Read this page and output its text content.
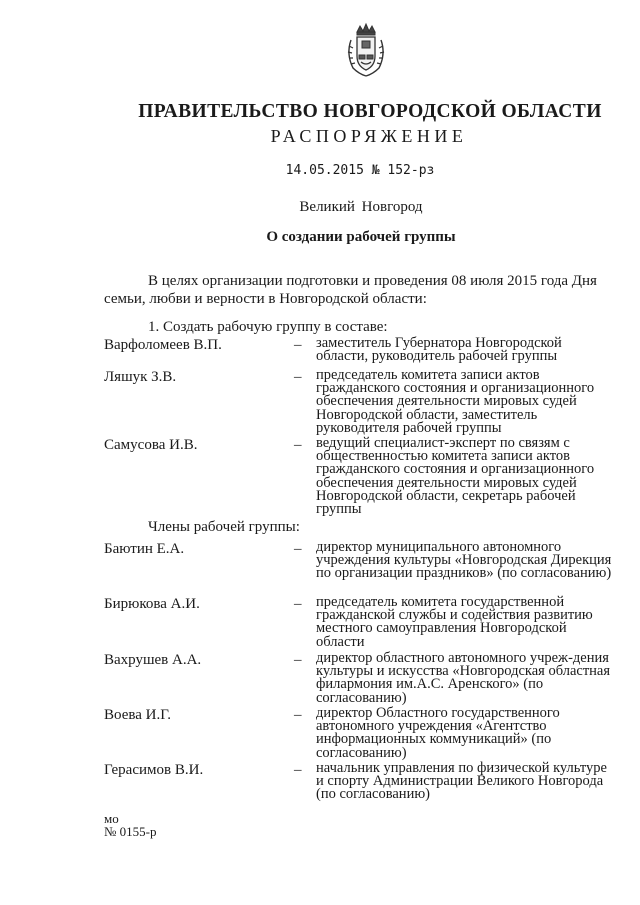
ПРАВИТЕЛЬСТВО НОВГОРОДСКОЙ ОБЛАСТИ
РАСПОРЯЖЕНИЕ
14.05.2015 № 152-рз
Великий Новгород
О создании рабочей группы
В целях организации подготовки и проведения 08 июля 2015 года Дня семьи, любви и верности в Новгородской области:
1. Создать рабочую группу в составе:
Варфоломеев В.П.	– заместитель Губернатора Новгородской области, руководитель рабочей группы
Ляшук З.В.	– председатель комитета записи актов гражданского состояния и организационного обеспечения деятельности мировых судей Новгородской области, заместитель руководителя рабочей группы
Самусова И.В.	– ведущий специалист-эксперт по связям с общественностью комитета записи актов гражданского состояния и организационного обеспечения деятельности мировых судей Новгородской области, секретарь рабочей группы
Члены рабочей группы:
Баютин Е.А.	– директор муниципального автономного учреждения культуры «Новгородская Дирекция по организации праздников» (по согласованию)
Бирюкова А.И.	– председатель комитета государственной гражданской службы и содействия развитию местного самоуправления Новгородской области
Вахрушев А.А.	– директор областного автономного учреж-дения культуры и искусства «Новгородская областная филармония им.А.С. Аренского» (по согласованию)
Воева И.Г.	– директор Областного государственного автономного учреждения «Агентство информационных коммуникаций» (по согласованию)
Герасимов В.И.	– начальник управления по физической культуре и спорту Администрации Великого Новгорода (по согласованию)
мо
№ 0155-р
